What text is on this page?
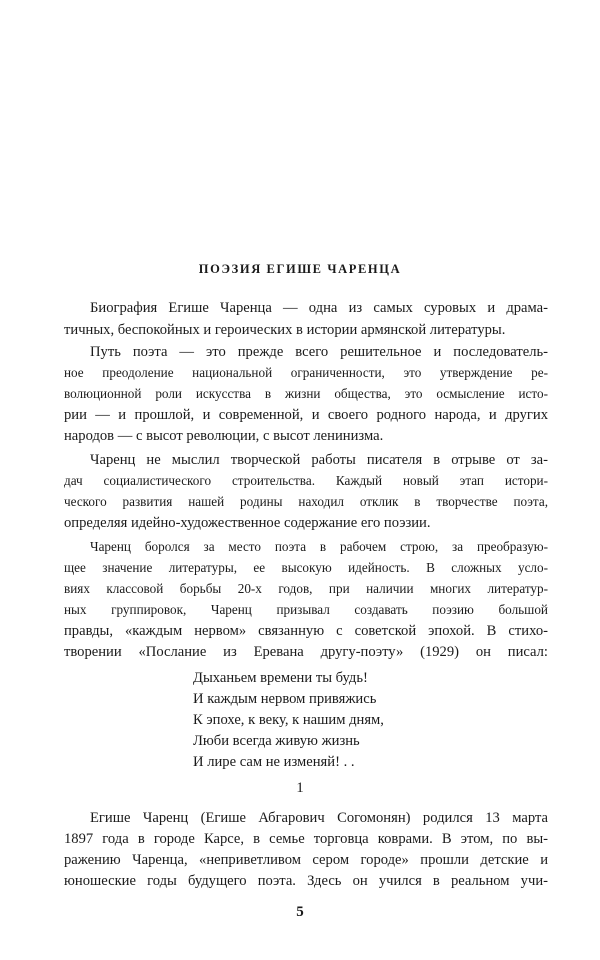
ПОЭЗИЯ ЕГИШЕ ЧАРЕНЦА
Биография Егише Чаренца — одна из самых суровых и драма-
тичных, беспокойных и героических в истории армянской литературы.
Путь поэта — это прежде всего решительное и последователь-
ное преодоление национальной ограниченности, это утверждение ре-
волюционной роли искусства в жизни общества, это осмысление исто-
рии — и прошлой, и современной, и своего родного народа, и других
народов — с высот революции, с высот ленинизма.
Чаренц не мыслил творческой работы писателя в отрыве от за-
дач социалистического строительства. Каждый новый этап истори-
ческого развития нашей родины находил отклик в творчестве поэта,
определяя идейно-художественное содержание его поэзии.
Чаренц боролся за место поэта в рабочем строю, за преобразую-
щее значение литературы, ее высокую идейность. В сложных усло-
виях классовой борьбы 20-х годов, при наличии многих литератур-
ных группировок, Чаренц призывал создавать поэзию большой
правды, «каждым нервом» связанную с советской эпохой. В стихо-
творении «Послание из Еревана другу-поэту» (1929) он писал:
Дыханьем времени ты будь!
И каждым нервом привяжись
К эпохе, к веку, к нашим дням,
Люби всегда живую жизнь
И лире сам не изменяй! . .
1
Егише Чаренц (Егише Абгарович Согомонян) родился 13 марта
1897 года в городе Карсе, в семье торговца коврами. В этом, по вы-
ражению Чаренца, «неприветливом сером городе» прошли детские и
юношеские годы будущего поэта. Здесь он учился в реальном учи-
5
